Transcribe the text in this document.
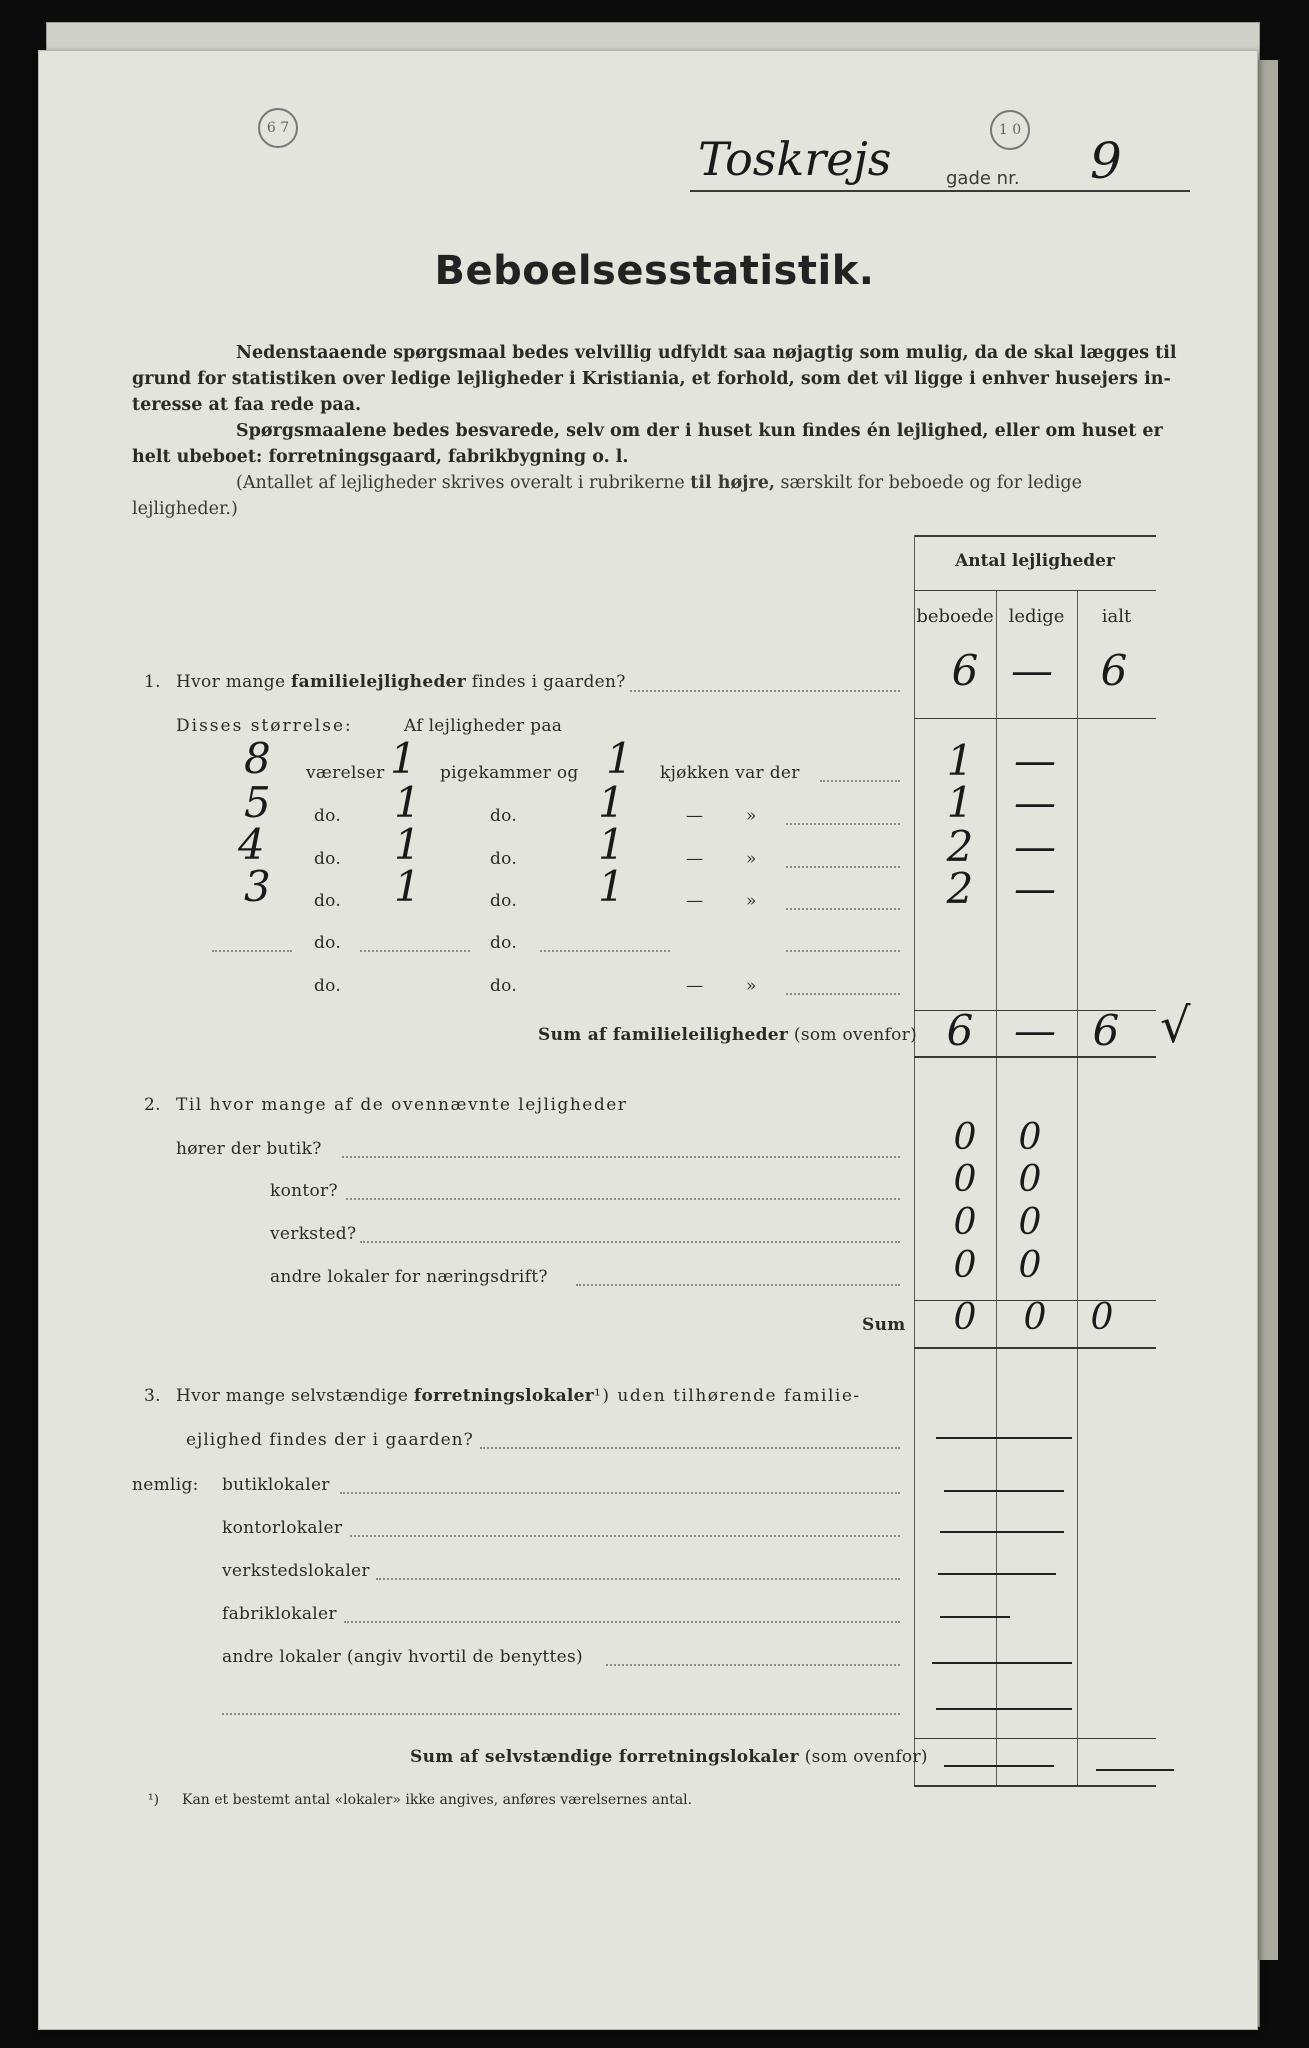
6 7	1 0
Toskrejs	gade nr. 9
Beboelsesstatistik.
Nedenstaaende spørgsmaal bedes velvillig udfyldt saa nøjagtig som mulig, da de skal lægges til
grund for statistiken over ledige lejligheder i Kristiania, et forhold, som det vil ligge i enhver husejers in-
teresse at faa rede paa.
Spørgsmaalene bedes besvarede, selv om der i huset kun findes én lejlighed, eller om huset er
helt ubeboet: forretningsgaard, fabrikbygning o. l.
(Antallet af lejligheder skrives overalt i rubrikerne til højre, særskilt for beboede og for ledige
lejligheder.)
Antal lejligheder
beboede ledige	ialt
1. Hvor mange familielejligheder findes i gaarden?	6 —	6
Disses størrelse:	Af lejligheder paa
8 værelser 1 pigekammer og 1 kjøkken var der	1 —
5	do. 1	do. 1	—	»	1 —
4	do. 1	do. 1	—	»	2 —
3	do. 1	do. 1	—	»	2 —
do.	do.
do.	do.	—	»
Sum af familieleiligheder (som ovenfor) 6 — 6 √
2. Til hvor mange af de ovennævnte lejligheder
hører der butik?	0	0
kontor?	0	0
verksted?	0	0
andre lokaler for næringsdrift?	0	0
Sum	0	0	0
3. Hvor mange selvstændige forretningslokaler¹) uden tilhørende familie-
ejlighed findes der i gaarden?
nemlig: butiklokaler
kontorlokaler
verkstedslokaler
fabriklokaler
andre lokaler (angiv hvortil de benyttes)
Sum af selvstændige forretningslokaler (som ovenfor)
¹) Kan et bestemt antal «lokaler» ikke angives, anføres værelsernes antal.
